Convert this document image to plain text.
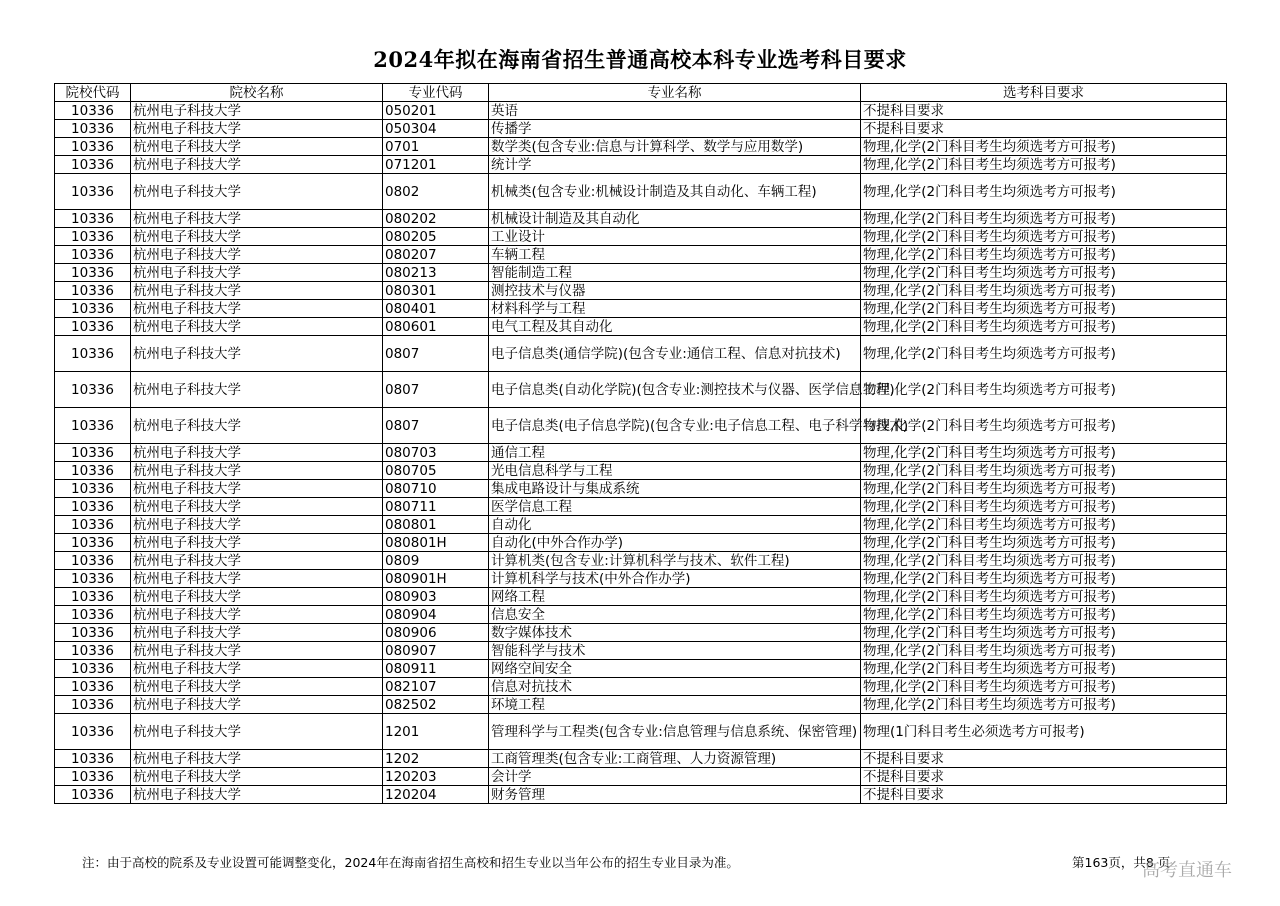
2024年拟在海南省招生普通高校本科专业选考科目要求
院校代码	院校名称	专业代码	专业名称	选考科目要求
10336	杭州电子科技大学	050201	英语	不提科目要求
10336	杭州电子科技大学	050304	传播学	不提科目要求
10336	杭州电子科技大学	0701	数学类(包含专业:信息与计算科学、数学与应用数学)	物理,化学(2门科目考生均须选考方可报考)
10336	杭州电子科技大学	071201	统计学	物理,化学(2门科目考生均须选考方可报考)
10336	杭州电子科技大学	0802	机械类(包含专业:机械设计制造及其自动化、车辆工程)	物理,化学(2门科目考生均须选考方可报考)
10336	杭州电子科技大学	080202	机械设计制造及其自动化	物理,化学(2门科目考生均须选考方可报考)
10336	杭州电子科技大学	080205	工业设计	物理,化学(2门科目考生均须选考方可报考)
10336	杭州电子科技大学	080207	车辆工程	物理,化学(2门科目考生均须选考方可报考)
10336	杭州电子科技大学	080213	智能制造工程	物理,化学(2门科目考生均须选考方可报考)
10336	杭州电子科技大学	080301	测控技术与仪器	物理,化学(2门科目考生均须选考方可报考)
10336	杭州电子科技大学	080401	材料科学与工程	物理,化学(2门科目考生均须选考方可报考)
10336	杭州电子科技大学	080601	电气工程及其自动化	物理,化学(2门科目考生均须选考方可报考)
10336	杭州电子科技大学	0807	电子信息类(通信学院)(包含专业:通信工程、信息对抗技术)	物理,化学(2门科目考生均须选考方可报考)
10336	杭州电子科技大学	0807	电子信息类(自动化学院)(包含专业:测控技术与仪器、医学信息工程)	物理,化学(2门科目考生均须选考方可报考)
10336	杭州电子科技大学	0807	电子信息类(电子信息学院)(包含专业:电子信息工程、电子科学与技术)	物理,化学(2门科目考生均须选考方可报考)
10336	杭州电子科技大学	080703	通信工程	物理,化学(2门科目考生均须选考方可报考)
10336	杭州电子科技大学	080705	光电信息科学与工程	物理,化学(2门科目考生均须选考方可报考)
10336	杭州电子科技大学	080710	集成电路设计与集成系统	物理,化学(2门科目考生均须选考方可报考)
10336	杭州电子科技大学	080711	医学信息工程	物理,化学(2门科目考生均须选考方可报考)
10336	杭州电子科技大学	080801	自动化	物理,化学(2门科目考生均须选考方可报考)
10336	杭州电子科技大学	080801H	自动化(中外合作办学)	物理,化学(2门科目考生均须选考方可报考)
10336	杭州电子科技大学	0809	计算机类(包含专业:计算机科学与技术、软件工程)	物理,化学(2门科目考生均须选考方可报考)
10336	杭州电子科技大学	080901H	计算机科学与技术(中外合作办学)	物理,化学(2门科目考生均须选考方可报考)
10336	杭州电子科技大学	080903	网络工程	物理,化学(2门科目考生均须选考方可报考)
10336	杭州电子科技大学	080904	信息安全	物理,化学(2门科目考生均须选考方可报考)
10336	杭州电子科技大学	080906	数字媒体技术	物理,化学(2门科目考生均须选考方可报考)
10336	杭州电子科技大学	080907	智能科学与技术	物理,化学(2门科目考生均须选考方可报考)
10336	杭州电子科技大学	080911	网络空间安全	物理,化学(2门科目考生均须选考方可报考)
10336	杭州电子科技大学	082107	信息对抗技术	物理,化学(2门科目考生均须选考方可报考)
10336	杭州电子科技大学	082502	环境工程	物理,化学(2门科目考生均须选考方可报考)
10336	杭州电子科技大学	1201	管理科学与工程类(包含专业:信息管理与信息系统、保密管理)	物理(1门科目考生必须选考方可报考)
10336	杭州电子科技大学	1202	工商管理类(包含专业:工商管理、人力资源管理)	不提科目要求
10336	杭州电子科技大学	120203	会计学	不提科目要求
10336	杭州电子科技大学	120204	财务管理	不提科目要求
注：由于高校的院系及专业设置可能调整变化，2024年在海南省招生高校和招生专业以当年公布的招生专业目录为准。	第163页，共8 页
高考直通车
